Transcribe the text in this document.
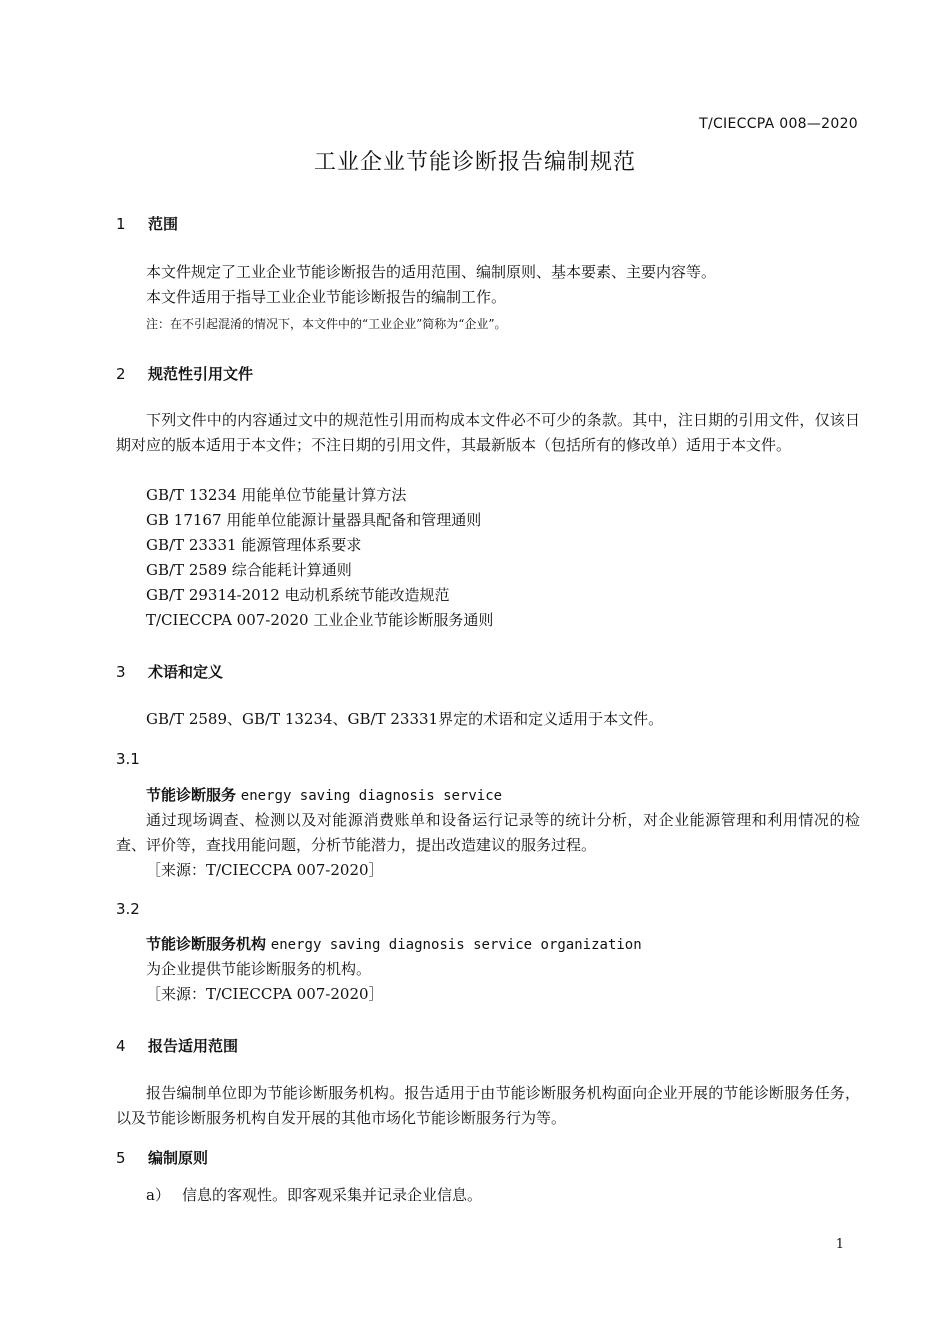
T/CIECCPA 008—2020
工业企业节能诊断报告编制规范
1 范围
本文件规定了工业企业节能诊断报告的适用范围、编制原则、基本要素、主要内容等。
本文件适用于指导工业企业节能诊断报告的编制工作。
注：在不引起混淆的情况下，本文件中的“工业企业”简称为“企业”。
2 规范性引用文件
下列文件中的内容通过文中的规范性引用而构成本文件必不可少的条款。其中，注日期的引用文件，仅该日期对应的版本适用于本文件；不注日期的引用文件，其最新版本（包括所有的修改单）适用于本文件。
GB/T 13234 用能单位节能量计算方法
GB 17167 用能单位能源计量器具配备和管理通则
GB/T 23331 能源管理体系要求
GB/T 2589 综合能耗计算通则
GB/T 29314-2012 电动机系统节能改造规范
T/CIECCPA 007-2020 工业企业节能诊断服务通则
3 术语和定义
GB/T 2589、GB/T 13234、GB/T 23331界定的术语和定义适用于本文件。
3.1
节能诊断服务 energy saving diagnosis service
通过现场调查、检测以及对能源消费账单和设备运行记录等的统计分析，对企业能源管理和利用情况的检查、评价等，查找用能问题，分析节能潜力，提出改造建议的服务过程。
［来源：T/CIECCPA 007-2020］
3.2
节能诊断服务机构 energy saving diagnosis service organization
为企业提供节能诊断服务的机构。
［来源：T/CIECCPA 007-2020］
4 报告适用范围
报告编制单位即为节能诊断服务机构。报告适用于由节能诊断服务机构面向企业开展的节能诊断服务任务，以及节能诊断服务机构自发开展的其他市场化节能诊断服务行为等。
5 编制原则
a） 信息的客观性。即客观采集并记录企业信息。
1
